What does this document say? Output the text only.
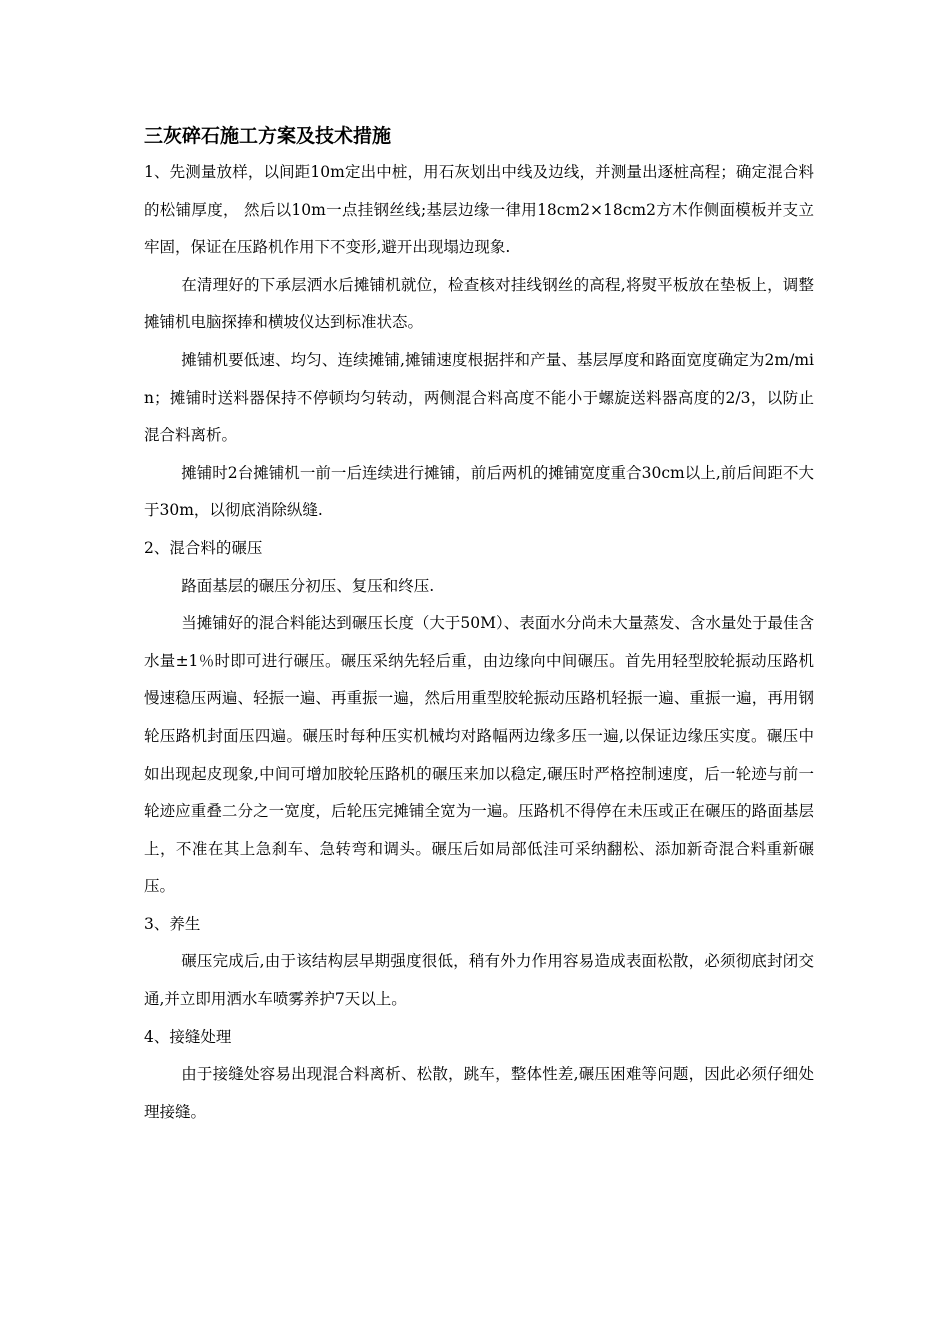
三灰碎石施工方案及技术措施

1、先测量放样，以间距10m定出中桩，用石灰划出中线及边线，并测量出逐桩高程；确定混合料的松铺厚度， 然后以10m一点挂钢丝线;基层边缘一律用18cm2×18cm2方木作侧面模板并支立牢固，保证在压路机作用下不变形,避开出现塌边现象.

在清理好的下承层洒水后摊铺机就位，检查核对挂线钢丝的高程,将熨平板放在垫板上，调整摊铺机电脑探捧和横坡仪达到标准状态。

摊铺机要低速、均匀、连续摊铺,摊铺速度根据拌和产量、基层厚度和路面宽度确定为2m/min；摊铺时送料器保持不停顿均匀转动，两侧混合料高度不能小于螺旋送料器高度的2/3，以防止混合料离析。

摊铺时2台摊铺机一前一后连续进行摊铺，前后两机的摊铺宽度重合30cm以上,前后间距不大于30m，以彻底消除纵缝.

2、混合料的碾压

路面基层的碾压分初压、复压和终压.

当摊铺好的混合料能达到碾压长度（大于50M）、表面水分尚未大量蒸发、含水量处于最佳含水量±1％时即可进行碾压。碾压采纳先轻后重，由边缘向中间碾压。首先用轻型胶轮振动压路机慢速稳压两遍、轻振一遍、再重振一遍，然后用重型胶轮振动压路机轻振一遍、重振一遍，再用钢轮压路机封面压四遍。碾压时每种压实机械均对路幅两边缘多压一遍,以保证边缘压实度。碾压中如出现起皮现象,中间可增加胶轮压路机的碾压来加以稳定,碾压时严格控制速度，后一轮迹与前一轮迹应重叠二分之一宽度，后轮压完摊铺全宽为一遍。压路机不得停在未压或正在碾压的路面基层上，不准在其上急刹车、急转弯和调头。碾压后如局部低洼可采纳翻松、添加新奇混合料重新碾压。

3、养生

碾压完成后,由于该结构层早期强度很低，稍有外力作用容易造成表面松散，必须彻底封闭交通,并立即用洒水车喷雾养护7天以上。

4、接缝处理

由于接缝处容易出现混合料离析、松散，跳车，整体性差,碾压困难等问题，因此必须仔细处理接缝。
